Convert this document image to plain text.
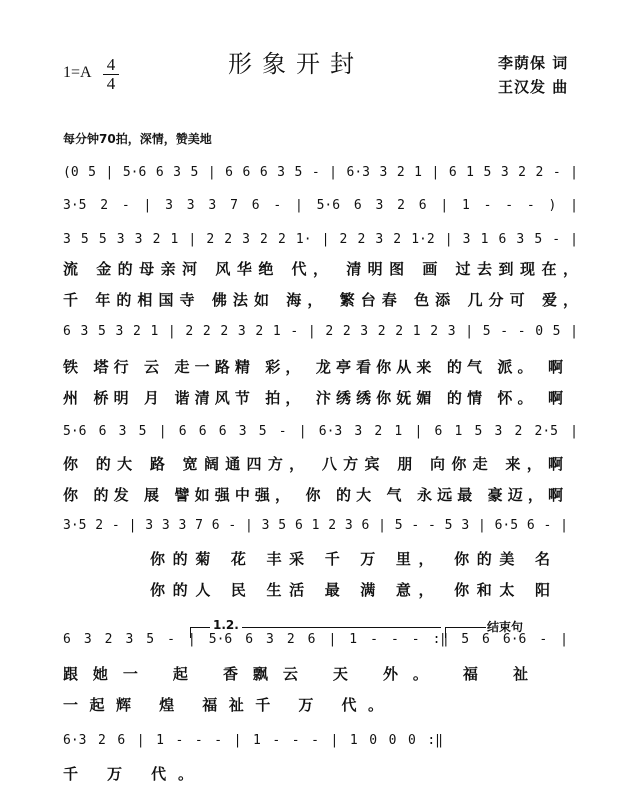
形象开封
1=A 4
4
李荫保 词
王汉发 曲
每分钟70拍，深情，赞美地
(0 5 | 5·6 6 3 5 | 6 6 6 3 5 - | 6·3 3 2 1 | 6 1 5 3 2 2 - |
3·5 2 - | 3 3 3 7 6 - | 5·6 6 3 2 6 | 1 - - - ) |
3 5 5 3 3 2 1 | 2 2 3 2 2 1· | 2 2 3 2 1·2 | 3 1 6 3 5 - |
流 金的母亲河 风华绝 代， 清明图 画 过去到现在，
千 年的相国寺 佛法如 海， 繁台春 色添 几分可 爱，
6 3 5 3 2 1 | 2 2 2 3 2 1 - | 2 2 3 2 2 1 2 3 | 5 - - 0 5 |
铁 塔行 云 走一路精 彩， 龙亭看你从来 的气 派。 啊
州 桥明 月 谐清风节 拍， 汴绣绣你妩媚 的情 怀。 啊
5·6 6 3 5 | 6 6 6 3 5 - | 6·3 3 2 1 | 6 1 5 3 2 2·5 |
你 的大 路 宽阔通四方， 八方宾 朋 向你走 来，啊
你 的发 展 譬如强中强， 你 的大 气 永远最 豪迈，啊
3·5 2 - | 3 3 3 7 6 - | 3 5 6 1 2 3 6 | 5 - - 5 3 | 6·5 6 - |
你的菊 花 丰采 千 万 里， 你的美 名
你的人 民 生活 最 满 意， 你和太 阳
1.2.	结束句
6 3 2 3 5 - | 5·6 6 3 2 6 | 1 - - - :‖ 5 6 6·6 - |
跟她一 起 香飘云 天 外。 福 祉
一起辉 煌 福祉千 万 代。
6·3 2 6 | 1 - - - | 1 - - - | 1 0 0 0 :‖
千 万 代。
